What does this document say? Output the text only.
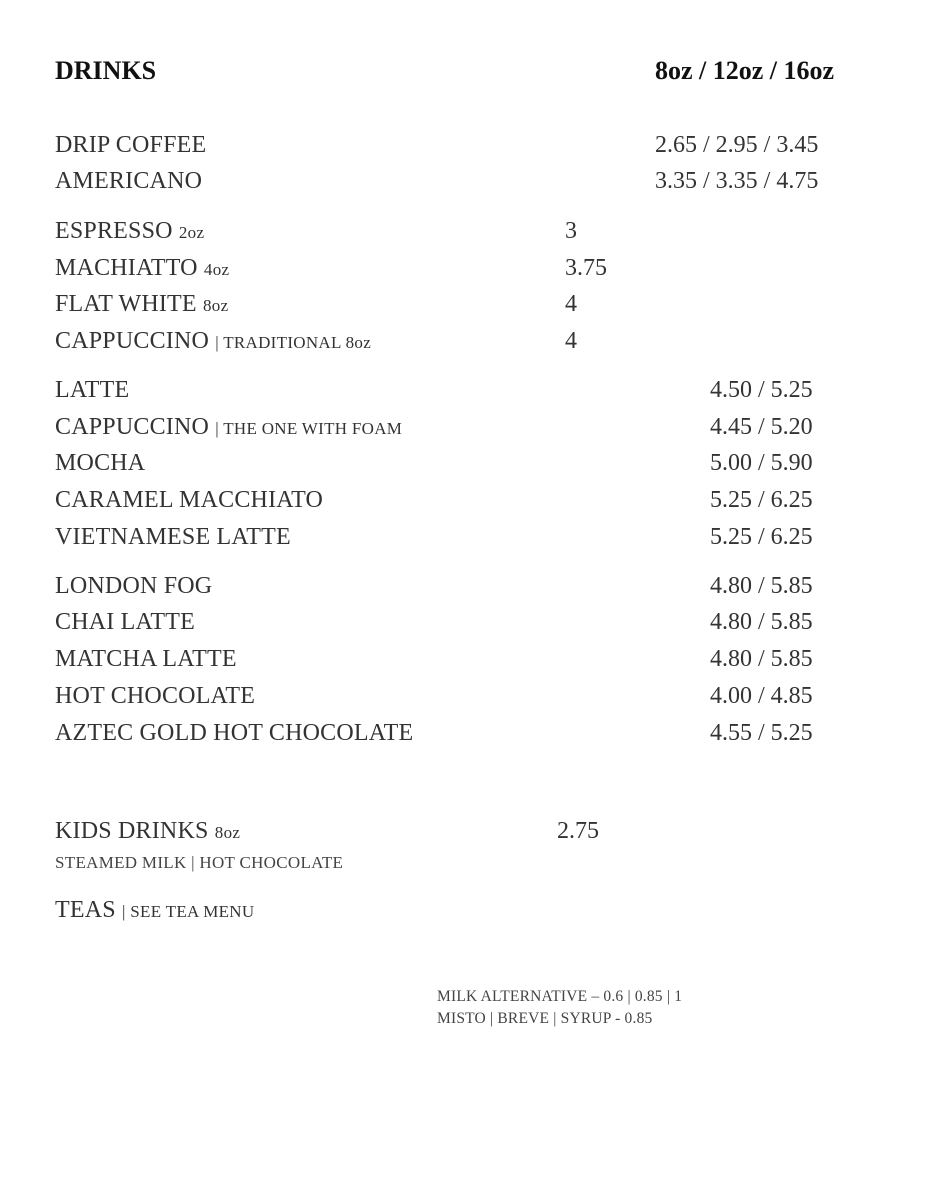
DRINKS	8oz / 12oz / 16oz
DRIP COFFEE	2.65 / 2.95 / 3.45
AMERICANO	3.35 / 3.35 / 4.75
ESPRESSO 2oz	3
MACHIATTO 4oz	3.75
FLAT WHITE 8oz	4
CAPPUCCINO | TRADITIONAL 8oz	4
LATTE	4.50 / 5.25
CAPPUCCINO | THE ONE WITH FOAM	4.45 / 5.20
MOCHA	5.00 / 5.90
CARAMEL MACCHIATO	5.25 / 6.25
VIETNAMESE LATTE	5.25 / 6.25
LONDON FOG	4.80 / 5.85
CHAI LATTE	4.80 / 5.85
MATCHA LATTE	4.80 / 5.85
HOT CHOCOLATE	4.00 / 4.85
AZTEC GOLD HOT CHOCOLATE	4.55 / 5.25
KIDS DRINKS 8oz	2.75
STEAMED MILK | HOT CHOCOLATE
TEAS | SEE TEA MENU
MILK ALTERNATIVE – 0.6 | 0.85 | 1
MISTO | BREVE | SYRUP - 0.85
